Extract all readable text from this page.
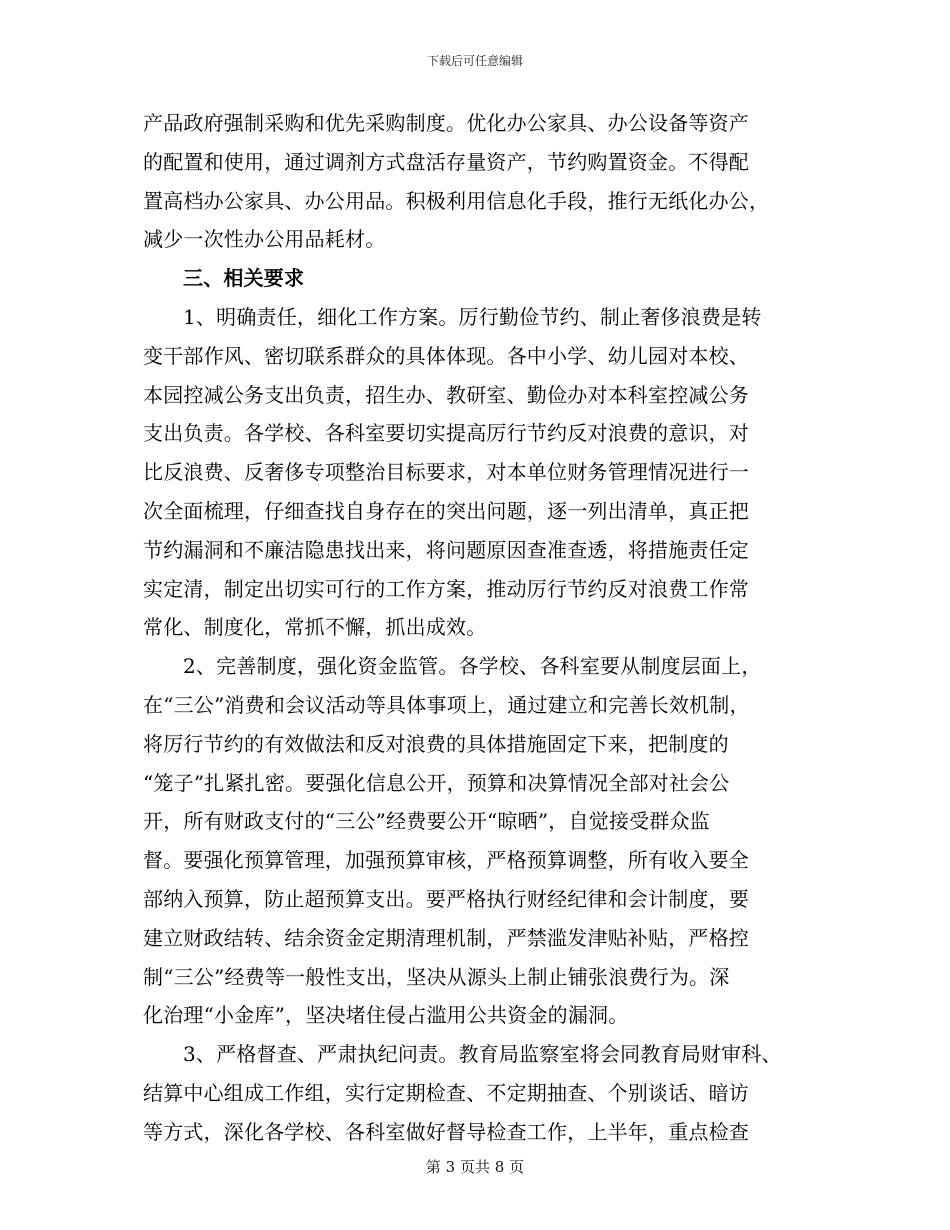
下载后可任意编辑
产品政府强制采购和优先采购制度。优化办公家具、办公设备等资产
的配置和使用，通过调剂方式盘活存量资产，节约购置资金。不得配
置高档办公家具、办公用品。积极利用信息化手段，推行无纸化办公，
减少一次性办公用品耗材。
三、相关要求
1、明确责任，细化工作方案。厉行勤俭节约、制止奢侈浪费是转
变干部作风、密切联系群众的具体体现。各中小学、幼儿园对本校、
本园控减公务支出负责，招生办、教研室、勤俭办对本科室控减公务
支出负责。各学校、各科室要切实提高厉行节约反对浪费的意识，对
比反浪费、反奢侈专项整治目标要求，对本单位财务管理情况进行一
次全面梳理，仔细查找自身存在的突出问题，逐一列出清单，真正把
节约漏洞和不廉洁隐患找出来，将问题原因查准查透，将措施责任定
实定清，制定出切实可行的工作方案，推动厉行节约反对浪费工作常
常化、制度化，常抓不懈，抓出成效。
2、完善制度，强化资金监管。各学校、各科室要从制度层面上，
在“三公”消费和会议活动等具体事项上，通过建立和完善长效机制，
将厉行节约的有效做法和反对浪费的具体措施固定下来，把制度的
“笼子”扎紧扎密。要强化信息公开，预算和决算情况全部对社会公
开，所有财政支付的“三公”经费要公开“晾晒”，自觉接受群众监
督。要强化预算管理，加强预算审核，严格预算调整，所有收入要全
部纳入预算，防止超预算支出。要严格执行财经纪律和会计制度，要
建立财政结转、结余资金定期清理机制，严禁滥发津贴补贴，严格控
制“三公”经费等一般性支出，坚决从源头上制止铺张浪费行为。深
化治理“小金库”，坚决堵住侵占滥用公共资金的漏洞。
3、严格督查、严肃执纪问责。教育局监察室将会同教育局财审科、
结算中心组成工作组，实行定期检查、不定期抽查、个别谈话、暗访
等方式，深化各学校、各科室做好督导检查工作，上半年，重点检查
第 3 页共 8 页
